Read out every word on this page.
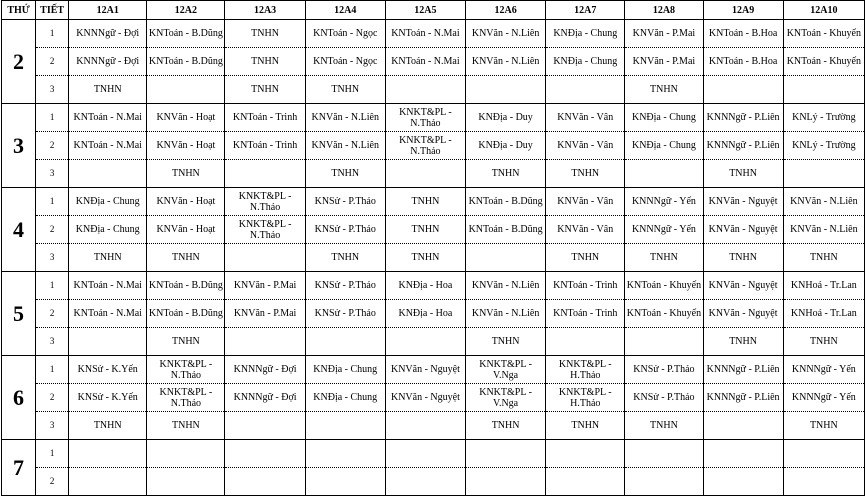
THỨ	TIẾT	12A1	12A2	12A3	12A4	12A5	12A6	12A7	12A8	12A9	12A10
2	1	KNNNgữ - Đợi	KNToán - B.Dũng	TNHN	KNToán - Ngọc	KNToán - N.Mai	KNVăn - N.Liên	KNĐịa - Chung	KNVăn - P.Mai	KNToán - B.Hoa	KNToán - Khuyến

	2	KNNNgữ - Đợi	KNToán - B.Dũng	TNHN	KNToán - Ngọc	KNToán - N.Mai	KNVăn - N.Liên	KNĐịa - Chung	KNVăn - P.Mai	KNToán - B.Hoa	KNToán - Khuyến

	3	TNHN		TNHN	TNHN				TNHN		

3	1	KNToán - N.Mai	KNVăn - Hoạt	KNToán - Trinh	KNVăn - N.Liên	KNKT&PL -
N.Thảo	KNĐịa - Duy	KNVăn - Vân	KNĐịa - Chung	KNNNgữ - P.Liên	KNLý - Trường

	2	KNToán - N.Mai	KNVăn - Hoạt	KNToán - Trinh	KNVăn - N.Liên	KNKT&PL -
N.Thảo	KNĐịa - Duy	KNVăn - Vân	KNĐịa - Chung	KNNNgữ - P.Liên	KNLý - Trường

	3		TNHN		TNHN		TNHN	TNHN		TNHN	

4	1	KNĐịa - Chung	KNVăn - Hoạt	KNKT&PL -
N.Thảo	KNSử - P.Thảo	TNHN	KNToán - B.Dũng	KNVăn - Vân	KNNNgữ - Yến	KNVăn - Nguyệt	KNVăn - N.Liên

	2	KNĐịa - Chung	KNVăn - Hoạt	KNKT&PL -
N.Thảo	KNSử - P.Thảo	TNHN	KNToán - B.Dũng	KNVăn - Vân	KNNNgữ - Yến	KNVăn - Nguyệt	KNVăn - N.Liên

	3	TNHN	TNHN		TNHN	TNHN		TNHN	TNHN	TNHN	TNHN

5	1	KNToán - N.Mai	KNToán - B.Dũng	KNVăn - P.Mai	KNSử - P.Thảo	KNĐịa - Hoa	KNVăn - N.Liên	KNToán - Trinh	KNToán - Khuyến	KNVăn - Nguyệt	KNHoá - Tr.Lan

	2	KNToán - N.Mai	KNToán - B.Dũng	KNVăn - P.Mai	KNSử - P.Thảo	KNĐịa - Hoa	KNVăn - N.Liên	KNToán - Trinh	KNToán - Khuyến	KNVăn - Nguyệt	KNHoá - Tr.Lan

	3		TNHN				TNHN			TNHN	TNHN

6	1	KNSử - K.Yến	KNKT&PL -
N.Thảo	KNNNgữ - Đợi	KNĐịa - Chung	KNVăn - Nguyệt	KNKT&PL -
V.Nga	KNKT&PL -
H.Thảo	KNSử - P.Thảo	KNNNgữ - P.Liên	KNNNgữ - Yến

	2	KNSử - K.Yến	KNKT&PL -
N.Thảo	KNNNgữ - Đợi	KNĐịa - Chung	KNVăn - Nguyệt	KNKT&PL -
V.Nga	KNKT&PL -
H.Thảo	KNSử - P.Thảo	KNNNgữ - P.Liên	KNNNgữ - Yến

	3	TNHN	TNHN				TNHN	TNHN	TNHN		TNHN

7	1	

	2	
